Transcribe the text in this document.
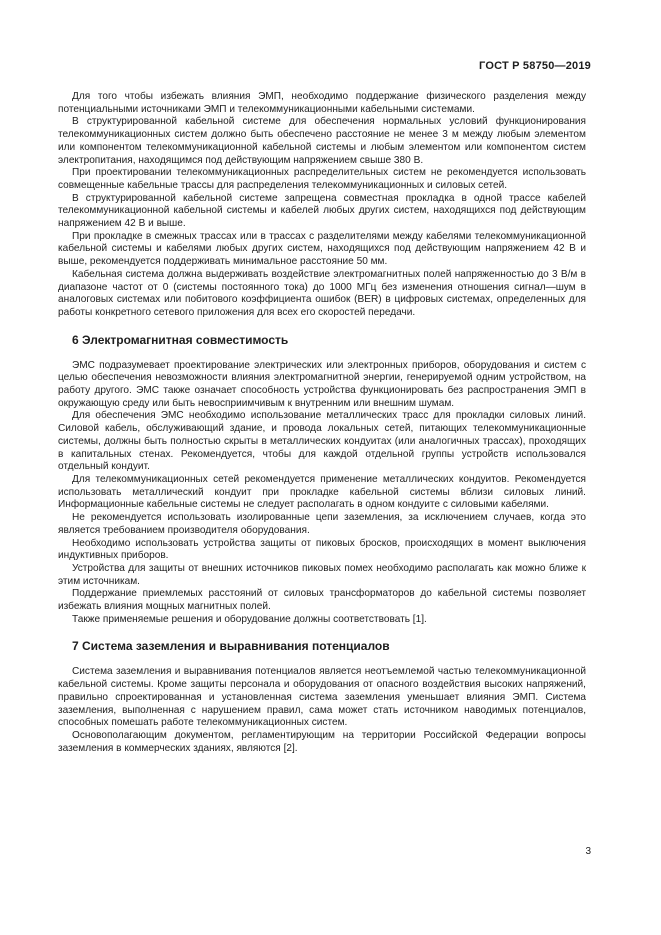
ГОСТ Р 58750—2019

Для того чтобы избежать влияния ЭМП, необходимо поддержание физического разделения между потенциальными источниками ЭМП и телекоммуникационными кабельными системами.

В структурированной кабельной системе для обеспечения нормальных условий функционирования телекоммуникационных систем должно быть обеспечено расстояние не менее 3 м между любым элементом или компонентом телекоммуникационной кабельной системы и любым элементом или компонентом систем электропитания, находящимся под действующим напряжением свыше 380 В.

При проектировании телекоммуникационных распределительных систем не рекомендуется использовать совмещенные кабельные трассы для распределения телекоммуникационных и силовых сетей.

В структурированной кабельной системе запрещена совместная прокладка в одной трассе кабелей телекоммуникационной кабельной системы и кабелей любых других систем, находящихся под действующим напряжением 42 В и выше.

При прокладке в смежных трассах или в трассах с разделителями между кабелями телекоммуникационной кабельной системы и кабелями любых других систем, находящихся под действующим напряжением 42 В и выше, рекомендуется поддерживать минимальное расстояние 50 мм.

Кабельная система должна выдерживать воздействие электромагнитных полей напряженностью до 3 В/м в диапазоне частот от 0 (системы постоянного тока) до 1000 МГц без изменения отношения сигнал—шум в аналоговых системах или побитового коэффициента ошибок (BER) в цифровых системах, определенных для работы конкретного сетевого приложения для всех его скоростей передачи.

6 Электромагнитная совместимость

ЭМС подразумевает проектирование электрических или электронных приборов, оборудования и систем с целью обеспечения невозможности влияния электромагнитной энергии, генерируемой одним устройством, на работу другого. ЭМС также означает способность устройства функционировать без распространения ЭМП в окружающую среду или быть невосприимчивым к внутренним или внешним шумам.

Для обеспечения ЭМС необходимо использование металлических трасс для прокладки силовых линий. Силовой кабель, обслуживающий здание, и провода локальных сетей, питающих телекоммуникационные системы, должны быть полностью скрыты в металлических кондуитах (или аналогичных трассах), проходящих в капитальных стенах. Рекомендуется, чтобы для каждой отдельной группы устройств использовался отдельный кондуит.

Для телекоммуникационных сетей рекомендуется применение металлических кондуитов. Рекомендуется использовать металлический кондуит при прокладке кабельной системы вблизи силовых линий. Информационные кабельные системы не следует располагать в одном кондуите с силовыми кабелями.

Не рекомендуется использовать изолированные цепи заземления, за исключением случаев, когда это является требованием производителя оборудования.

Необходимо использовать устройства защиты от пиковых бросков, происходящих в момент выключения индуктивных приборов.

Устройства для защиты от внешних источников пиковых помех необходимо располагать как можно ближе к этим источникам.

Поддержание приемлемых расстояний от силовых трансформаторов до кабельной системы позволяет избежать влияния мощных магнитных полей.

Также применяемые решения и оборудование должны соответствовать [1].

7 Система заземления и выравнивания потенциалов

Система заземления и выравнивания потенциалов является неотъемлемой частью телекоммуникационной кабельной системы. Кроме защиты персонала и оборудования от опасного воздействия высоких напряжений, правильно спроектированная и установленная система заземления уменьшает влияния ЭМП. Система заземления, выполненная с нарушением правил, сама может стать источником наводимых потенциалов, способных помешать работе телекоммуникационных систем.

Основополагающим документом, регламентирующим на территории Российской Федерации вопросы заземления в коммерческих зданиях, являются [2].

3
